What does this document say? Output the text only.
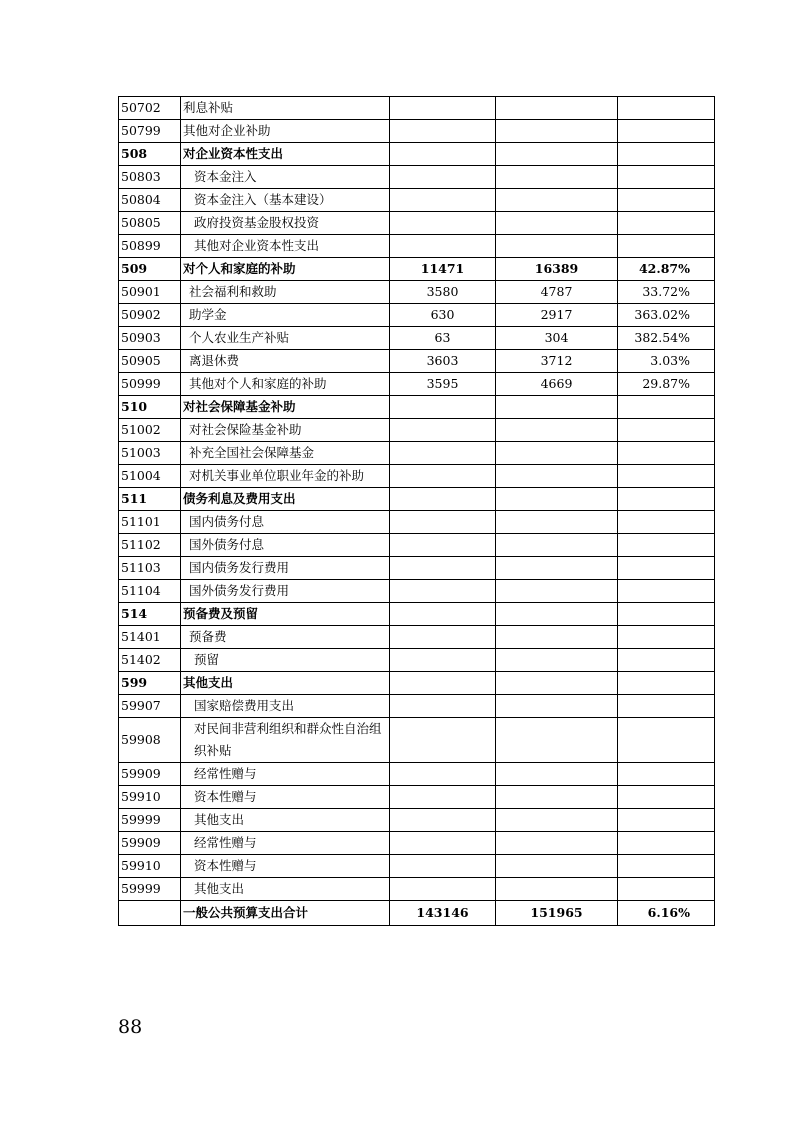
50702	利息补贴			
50799	其他对企业补助			
508	对企业资本性支出			
50803	资本金注入			
50804	资本金注入（基本建设）			
50805	政府投资基金股权投资			
50899	其他对企业资本性支出			
509	对个人和家庭的补助	11471	16389	42.87%
50901	社会福利和救助	3580	4787	33.72%
50902	助学金	630	2917	363.02%
50903	个人农业生产补贴	63	304	382.54%
50905	离退休费	3603	3712	3.03%
50999	其他对个人和家庭的补助	3595	4669	29.87%
510	对社会保障基金补助			
51002	对社会保险基金补助			
51003	补充全国社会保障基金			
51004	对机关事业单位职业年金的补助			
511	债务利息及费用支出			
51101	国内债务付息			
51102	国外债务付息			
51103	国内债务发行费用			
51104	国外债务发行费用			
514	预备费及预留			
51401	预备费			
51402	预留			
599	其他支出			
59907	国家赔偿费用支出			
59908	对民间非营利组织和群众性自治组织补贴			
59909	经常性赠与			
59910	资本性赠与			
59999	其他支出			
59909	经常性赠与			
59910	资本性赠与			
59999	其他支出			
	一般公共预算支出合计	143146	151965	6.16%
88
